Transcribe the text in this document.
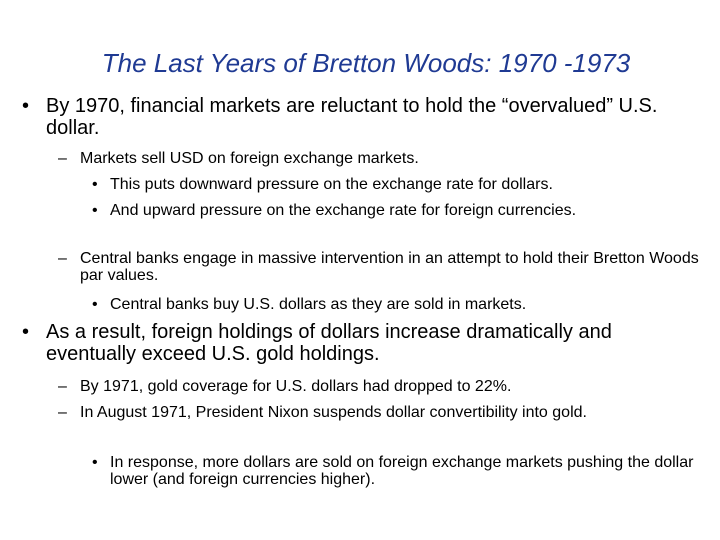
The Last Years of Bretton Woods: 1970 -1973
• By 1970, financial markets are reluctant to hold the “overvalued” U.S. dollar.
– Markets sell USD on foreign exchange markets.
• This puts downward pressure on the exchange rate for dollars.
• And upward pressure on the exchange rate for foreign currencies.
– Central banks engage in massive intervention in an attempt to hold their Bretton Woods par values.
• Central banks buy U.S. dollars as they are sold in markets.
• As a result, foreign holdings of dollars increase dramatically and eventually exceed U.S. gold holdings.
– By 1971, gold coverage for U.S. dollars had dropped to 22%.
– In August 1971, President Nixon suspends dollar convertibility into gold.
• In response, more dollars are sold on foreign exchange markets pushing the dollar lower (and foreign currencies higher).
